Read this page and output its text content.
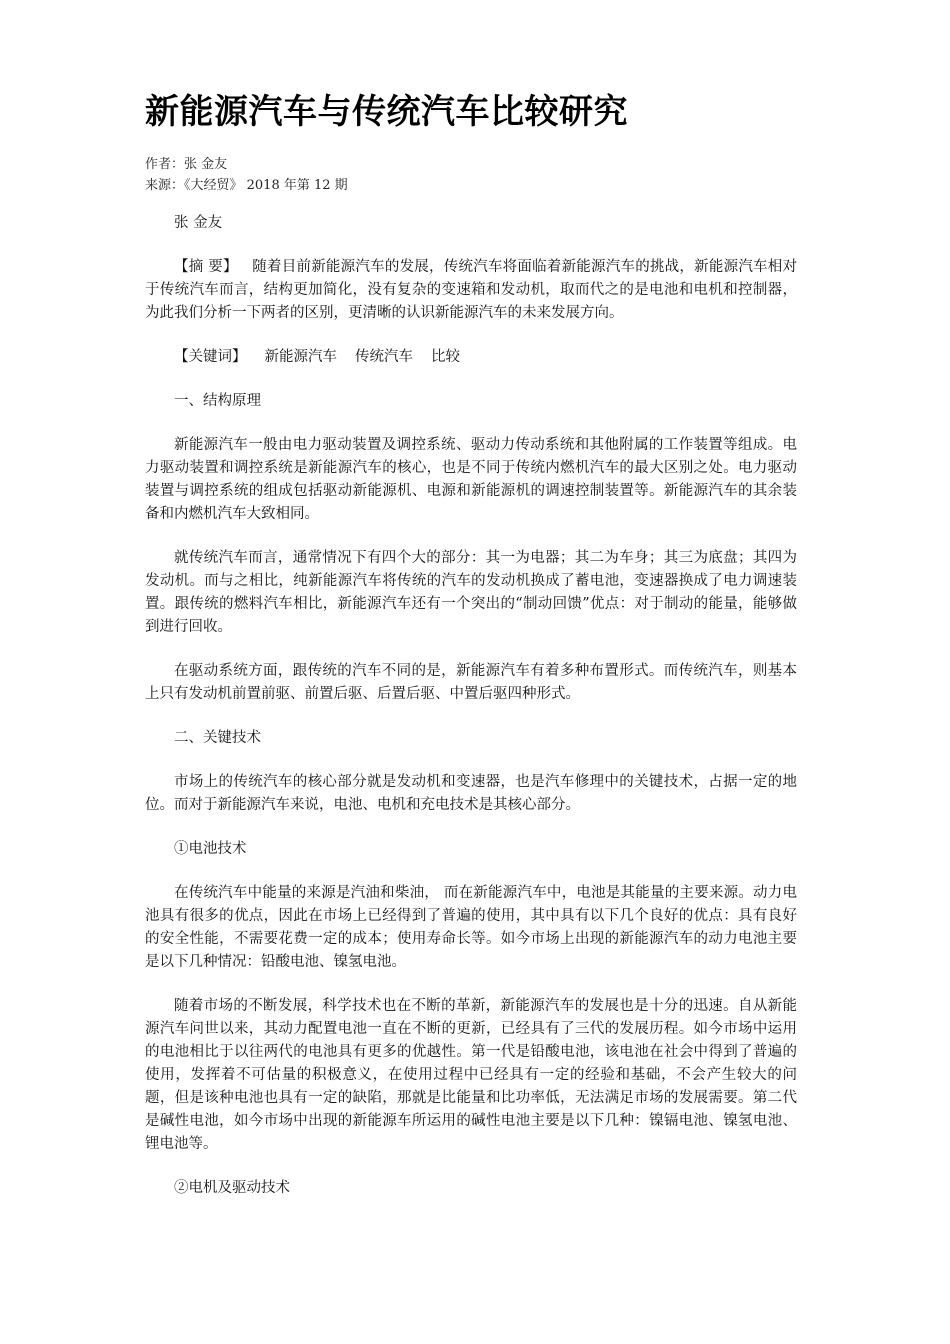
新能源汽车与传统汽车比较研究
作者：张 金友
来源：《大经贸》 2018 年第 12 期

张 金友

【摘 要】 随着目前新能源汽车的发展，传统汽车将面临着新能源汽车的挑战，新能源汽车相对于传统汽车而言，结构更加简化，没有复杂的变速箱和发动机，取而代之的是电池和电机和控制器，为此我们分析一下两者的区别，更清晰的认识新能源汽车的未来发展方向。

【关键词】 新能源汽车 传统汽车 比较

一、结构原理

新能源汽车一般由电力驱动装置及调控系统、驱动力传动系统和其他附属的工作装置等组成。电力驱动装置和调控系统是新能源汽车的核心，也是不同于传统内燃机汽车的最大区别之处。电力驱动装置与调控系统的组成包括驱动新能源机、电源和新能源机的调速控制装置等。新能源汽车的其余装备和内燃机汽车大致相同。

就传统汽车而言，通常情况下有四个大的部分：其一为电器；其二为车身；其三为底盘；其四为发动机。而与之相比，纯新能源汽车将传统的汽车的发动机换成了蓄电池，变速器换成了电力调速装置。跟传统的燃料汽车相比，新能源汽车还有一个突出的“制动回馈”优点：对于制动的能量，能够做到进行回收。

在驱动系统方面，跟传统的汽车不同的是，新能源汽车有着多种布置形式。而传统汽车，则基本上只有发动机前置前驱、前置后驱、后置后驱、中置后驱四种形式。

二、关键技术

市场上的传统汽车的核心部分就是发动机和变速器，也是汽车修理中的关键技术，占据一定的地位。而对于新能源汽车来说，电池、电机和充电技术是其核心部分。

①电池技术

在传统汽车中能量的来源是汽油和柴油， 而在新能源汽车中，电池是其能量的主要来源。动力电池具有很多的优点，因此在市场上已经得到了普遍的使用，其中具有以下几个良好的优点：具有良好的安全性能，不需要花费一定的成本；使用寿命长等。如今市场上出现的新能源汽车的动力电池主要是以下几种情况：铅酸电池、镍氢电池。

随着市场的不断发展，科学技术也在不断的革新，新能源汽车的发展也是十分的迅速。自从新能源汽车问世以来，其动力配置电池一直在不断的更新，已经具有了三代的发展历程。如今市场中运用的电池相比于以往两代的电池具有更多的优越性。第一代是铅酸电池，该电池在社会中得到了普遍的使用，发挥着不可估量的积极意义，在使用过程中已经具有一定的经验和基础，不会产生较大的问题，但是该种电池也具有一定的缺陷，那就是比能量和比功率低，无法满足市场的发展需要。第二代是碱性电池，如今市场中出现的新能源车所运用的碱性电池主要是以下几种：镍镉电池、镍氢电池、锂电池等。

②电机及驱动技术
